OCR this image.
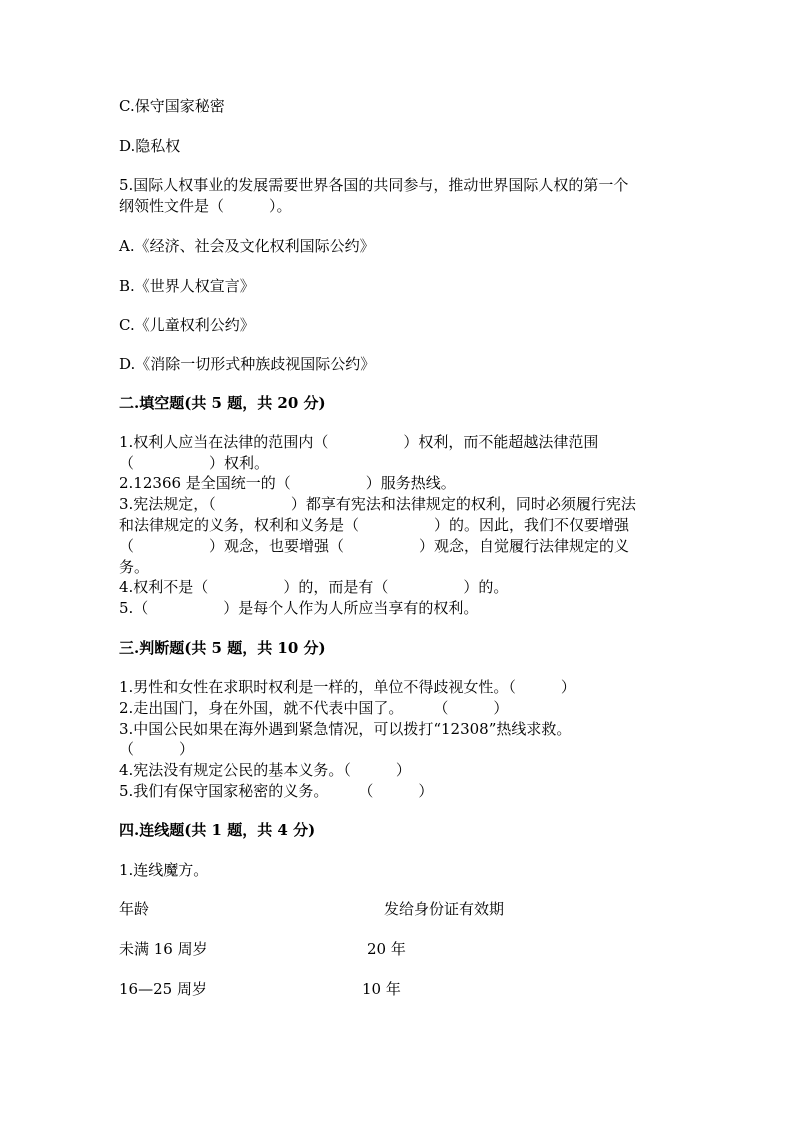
C.保守国家秘密
D.隐私权
5.国际人权事业的发展需要世界各国的共同参与，推动世界国际人权的第一个
纲领性文件是（　　　）。
A.《经济、社会及文化权利国际公约》
B.《世界人权宣言》
C.《儿童权利公约》
D.《消除一切形式种族歧视国际公约》
二.填空题(共 5 题，共 20 分)
1.权利人应当在法律的范围内（　　　　　）权利，而不能超越法律范围
（　　　　　）权利。
2.12366 是全国统一的（　　　　　）服务热线。
3.宪法规定，（　　　　　）都享有宪法和法律规定的权利，同时必须履行宪法
和法律规定的义务，权利和义务是（　　　　　）的。因此，我们不仅要增强
（　　　　　）观念，也要增强（　　　　　）观念，自觉履行法律规定的义
务。
4.权利不是（　　　　　）的，而是有（　　　　　）的。
5.（　　　　　）是每个人作为人所应当享有的权利。
三.判断题(共 5 题，共 10 分)
1.男性和女性在求职时权利是一样的，单位不得歧视女性。（　　　）
2.走出国门，身在外国，就不代表中国了。　　　（　　　）
3.中国公民如果在海外遇到紧急情况，可以拨打“12308”热线求救。
（　　　）
4.宪法没有规定公民的基本义务。（　　　）
5.我们有保守国家秘密的义务。　　　（　　　）
四.连线题(共 1 题，共 4 分)
1.连线魔方。
年龄	发给身份证有效期
未满 16 周岁	20 年
16—25 周岁	10 年
